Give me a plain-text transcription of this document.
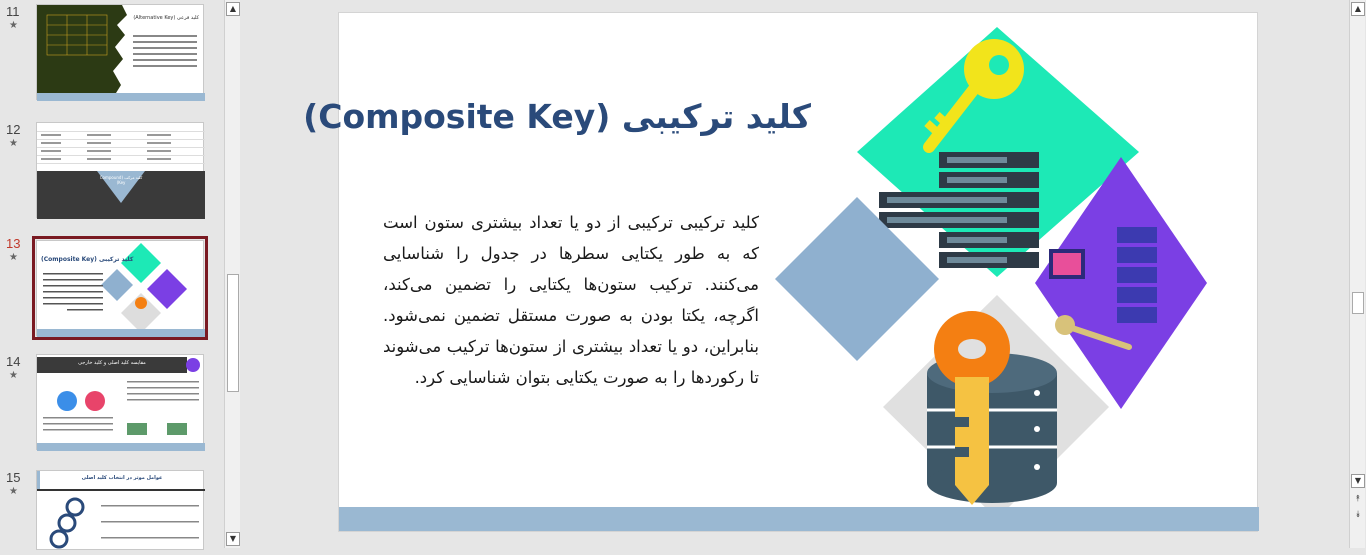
11
★
کلید فرعی (Alternative Key)
12
★
کلید مرکب (Compound Key)
13
★	کلید ترکیبی (Composite Key)
14
★
مقایسه کلید اصلی و کلید خارجی
15
★
عوامل موثر در انتخاب کلید اصلی
▲
▼
کلید ترکیبی (Composite Key)
کلید ترکیبی ترکیبی از دو یا تعداد بیشتری ستون است که به طور یکتایی سطرها در جدول را شناسایی می‌کنند. ترکیب ستون‌ها یکتایی را تضمین می‌کند، اگرچه، یکتا بودن به صورت مستقل تضمین نمی‌شود. بنابراین، دو یا تعداد بیشتری از ستون‌ها ترکیب می‌شوند تا رکوردها را به صورت یکتایی بتوان شناسایی کرد.
▲
▼
⯭
⯯
